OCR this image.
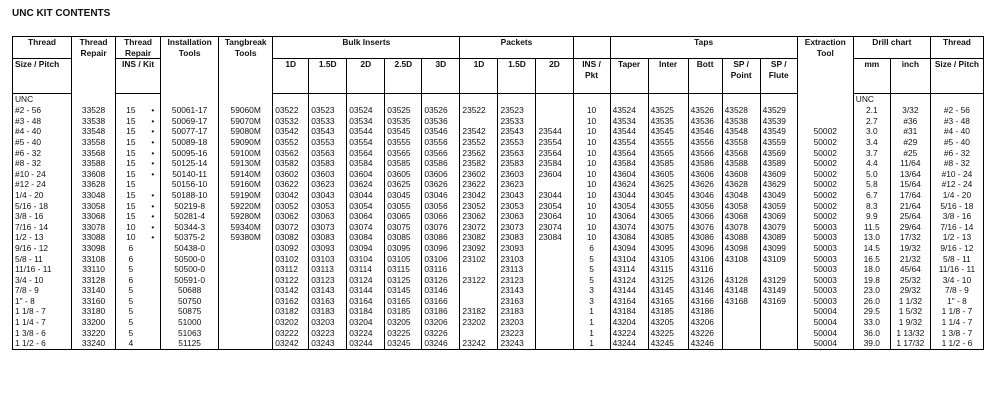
UNC KIT CONTENTS
Thread	Thread Repair	Thread Repair		Installation Tools	Tangbreak Tools	Bulk Inserts					Packets				Taps					Extraction Tool	Drill chart		Thread
Size / Pitch		INS / Kit				1D	1.5D	2D	2.5D	3D	1D	1.5D	2D	INS / Pkt	Taper	Inter	Bott	SP / Point	SP / Flute		mm	inch	Size / Pitch
UNC																					UNC		
#2 - 56	33528	15	•	50061-17	59060M	03522	03523	03524	03525	03526	23522	23523		10	43524	43525	43526	43528	43529		2.1	3/32	#2 - 56
#3 - 48	33538	15	•	50069-17	59070M	03532	03533	03534	03535	03536		23533		10	43534	43535	43536	43538	43539		2.7	#36	#3 - 48
#4 - 40	33548	15	•	50077-17	59080M	03542	03543	03544	03545	03546	23542	23543	23544	10	43544	43545	43546	43548	43549	50002	3.0	#31	#4 - 40
#5 - 40	33558	15	•	50089-18	59090M	03552	03553	03554	03555	03556	23552	23553	23554	10	43554	43555	43556	43558	43559	50002	3.4	#29	#5 - 40
#6 - 32	33568	15	•	50095-16	59100M	03562	03563	03564	03565	03566	23562	23563	23564	10	43564	43565	43566	43568	43569	50002	3.7	#25	#6 - 32
#8 - 32	33588	15	•	50125-14	59130M	03582	03583	03584	03585	03586	23582	23583	23584	10	43584	43585	43586	43588	43589	50002	4.4	11/64	#8 - 32
#10 - 24	33608	15	•	50140-11	59140M	03602	03603	03604	03605	03606	23602	23603	23604	10	43604	43605	43606	43608	43609	50002	5.0	13/64	#10 - 24
#12 - 24	33628	15		50156-10	59160M	03622	03623	03624	03625	03626	23622	23623		10	43624	43625	43626	43628	43629	50002	5.8	15/64	#12 - 24
1/4 - 20	33048	15	•	50188-10	59190M	03042	03043	03044	03045	03046	23042	23043	23044	10	43044	43045	43046	43048	43049	50002	6.7	17/64	1/4 - 20
5/16 - 18	33058	15	•	50219-8	59220M	03052	03053	03054	03055	03056	23052	23053	23054	10	43054	43055	43056	43058	43059	50002	8.3	21/64	5/16 - 18
3/8 - 16	33068	15	•	50281-4	59280M	03062	03063	03064	03065	03066	23062	23063	23064	10	43064	43065	43066	43068	43069	50002	9.9	25/64	3/8 - 16
7/16 - 14	33078	10	•	50344-3	59340M	03072	03073	03074	03075	03076	23072	23073	23074	10	43074	43075	43076	43078	43079	50003	11.5	29/64	7/16 - 14
1/2 - 13	33088	10	•	50375-2	59380M	03082	03083	03084	03085	03086	23082	23083	23084	10	43084	43085	43086	43088	43089	50003	13.0	17/32	1/2 - 13
9/16 - 12	33098	6		50438-0		03092	03093	03094	03095	03096	23092	23093		6	43094	43095	43096	43098	43099	50003	14.5	19/32	9/16 - 12
5/8 - 11	33108	6		50500-0		03102	03103	03104	03105	03106	23102	23103		5	43104	43105	43106	43108	43109	50003	16.5	21/32	5/8 - 11
11/16 - 11	33110	5		50500-0		03112	03113	03114	03115	03116		23113		5	43114	43115	43116			50003	18.0	45/64	11/16 - 11
3/4 - 10	33128	6		50591-0		03122	03123	03124	03125	03126	23122	23123		5	43124	43125	43126	43128	43129	50003	19.8	25/32	3/4 - 10
7/8 - 9	33140	5		50688		03142	03143	03144	03145	03146		23143		3	43144	43145	43146	43148	43149	50003	23.0	29/32	7/8 - 9
1" - 8	33160	5		50750		03162	03163	03164	03165	03166		23163		3	43164	43165	43166	43168	43169	50003	26.0	1 1/32	1" - 8
1 1/8 - 7	33180	5		50875		03182	03183	03184	03185	03186	23182	23183		1	43184	43185	43186			50004	29.5	1 5/32	1 1/8 - 7
1 1/4 - 7	33200	5		51000		03202	03203	03204	03205	03206	23202	23203		1	43204	43205	43206			50004	33.0	1 9/32	1 1/4 - 7
1 3/8 - 6	33220	5		51063		03222	03223	03224	03225	03226		23223		1	43224	43225	43226			50004	36.0	1 13/32	1 3/8 - 7
1 1/2 - 6	33240	4		51125		03242	03243	03244	03245	03246	23242	23243		1	43244	43245	43246			50004	39.0	1 17/32	1 1/2 - 6
